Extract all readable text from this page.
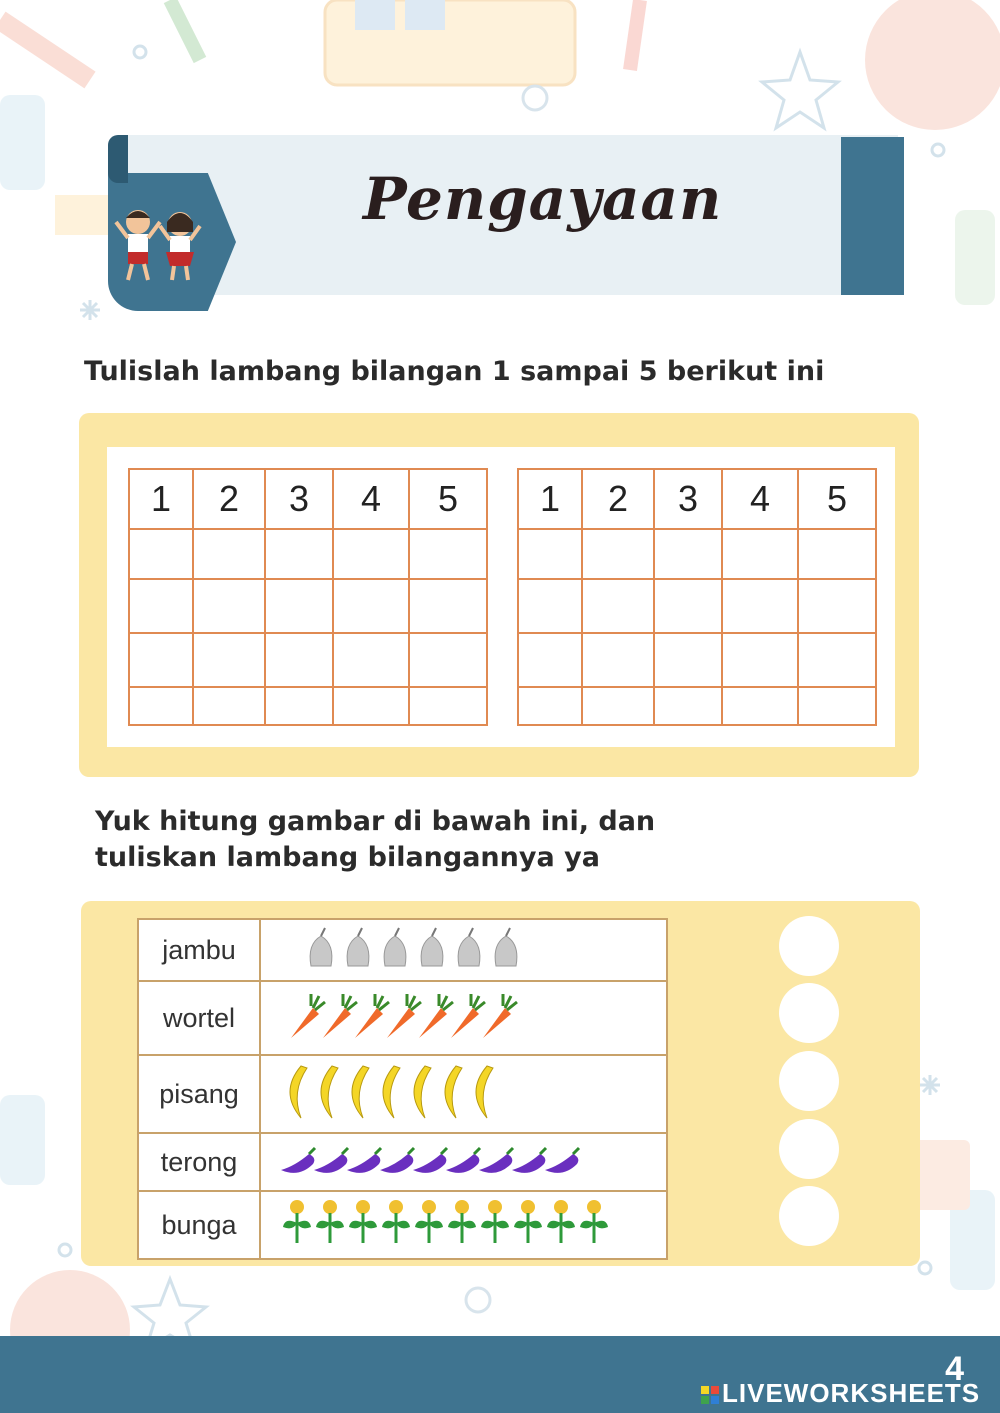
Pengayaan
Tulislah lambang bilangan 1 sampai 5 berikut ini
1	2	3	4	5

				1	2	3	4	5

Yuk hitung gambar di bawah ini, dan
tuliskan lambang bilangannya ya
jambu	
wortel	
pisang	
terong	
bunga	
4
LIVEWORKSHEETS
